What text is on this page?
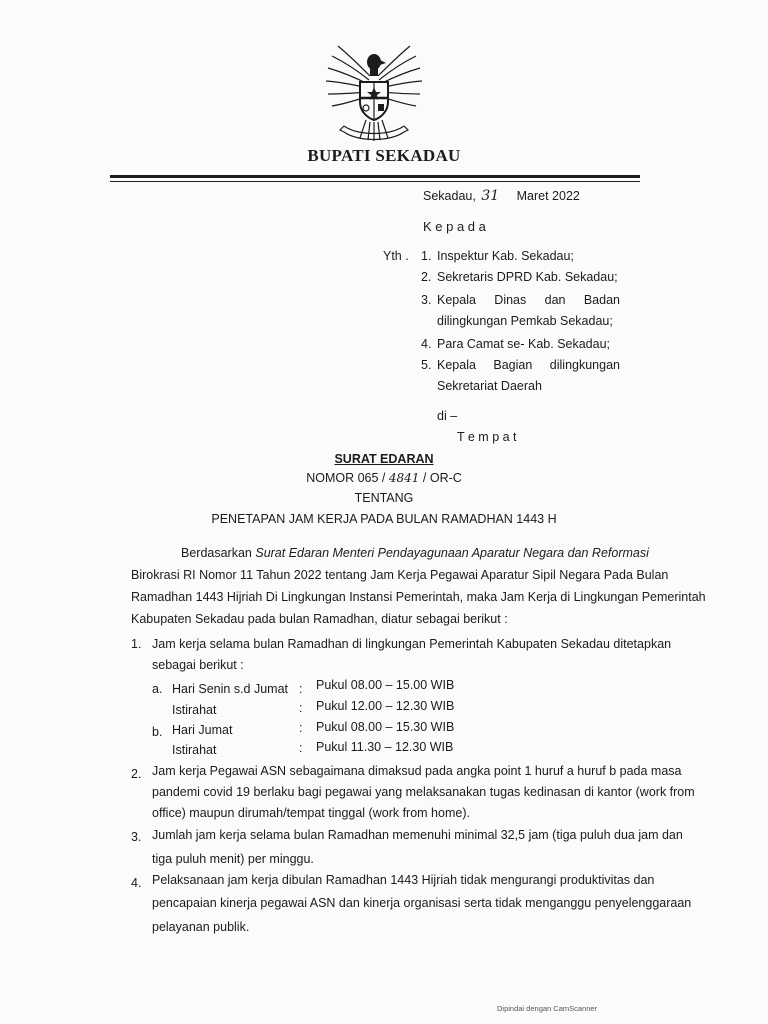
BUPATI SEKADAU
Sekadau, 31 Maret 2022
K e p a d a
Yth . 1. Inspektur Kab. Sekadau;
2. Sekretaris DPRD Kab. Sekadau;
3. Kepala Dinas dan Badan
dilingkungan Pemkab Sekadau;
4. Para Camat se- Kab. Sekadau;
5. Kepala Bagian dilingkungan
Sekretariat Daerah
di –
T e m p a t
SURAT EDARAN
NOMOR 065 / 4841 / OR-C
TENTANG
PENETAPAN JAM KERJA PADA BULAN RAMADHAN 1443 H
Berdasarkan Surat Edaran Menteri Pendayagunaan Aparatur Negara dan Reformasi
Birokrasi RI Nomor 11 Tahun 2022 tentang Jam Kerja Pegawai Aparatur Sipil Negara Pada Bulan
Ramadhan 1443 Hijriah Di Lingkungan Instansi Pemerintah, maka Jam Kerja di Lingkungan Pemerintah
Kabupaten Sekadau pada bulan Ramadhan, diatur sebagai berikut :
1. Jam kerja selama bulan Ramadhan di lingkungan Pemerintah Kabupaten Sekadau ditetapkan
sebagai berikut :
a. Hari Senin s.d Jumat : Pukul 08.00 – 15.00 WIB
Istirahat	: Pukul 12.00 – 12.30 WIB
b. Hari Jumat	: Pukul 08.00 – 15.30 WIB
Istirahat	: Pukul 11.30 – 12.30 WIB
2. Jam kerja Pegawai ASN sebagaimana dimaksud pada angka point 1 huruf a huruf b pada masa
pandemi covid 19 berlaku bagi pegawai yang melaksanakan tugas kedinasan di kantor (work from
office) maupun dirumah/tempat tinggal (work from home).
3. Jumlah jam kerja selama bulan Ramadhan memenuhi minimal 32,5 jam (tiga puluh dua jam dan
tiga puluh menit) per minggu.
4. Pelaksanaan jam kerja dibulan Ramadhan 1443 Hijriah tidak mengurangi produktivitas dan
pencapaian kinerja pegawai ASN dan kinerja organisasi serta tidak menganggu penyelenggaraan
pelayanan publik.
Dipindai dengan CamScanner
